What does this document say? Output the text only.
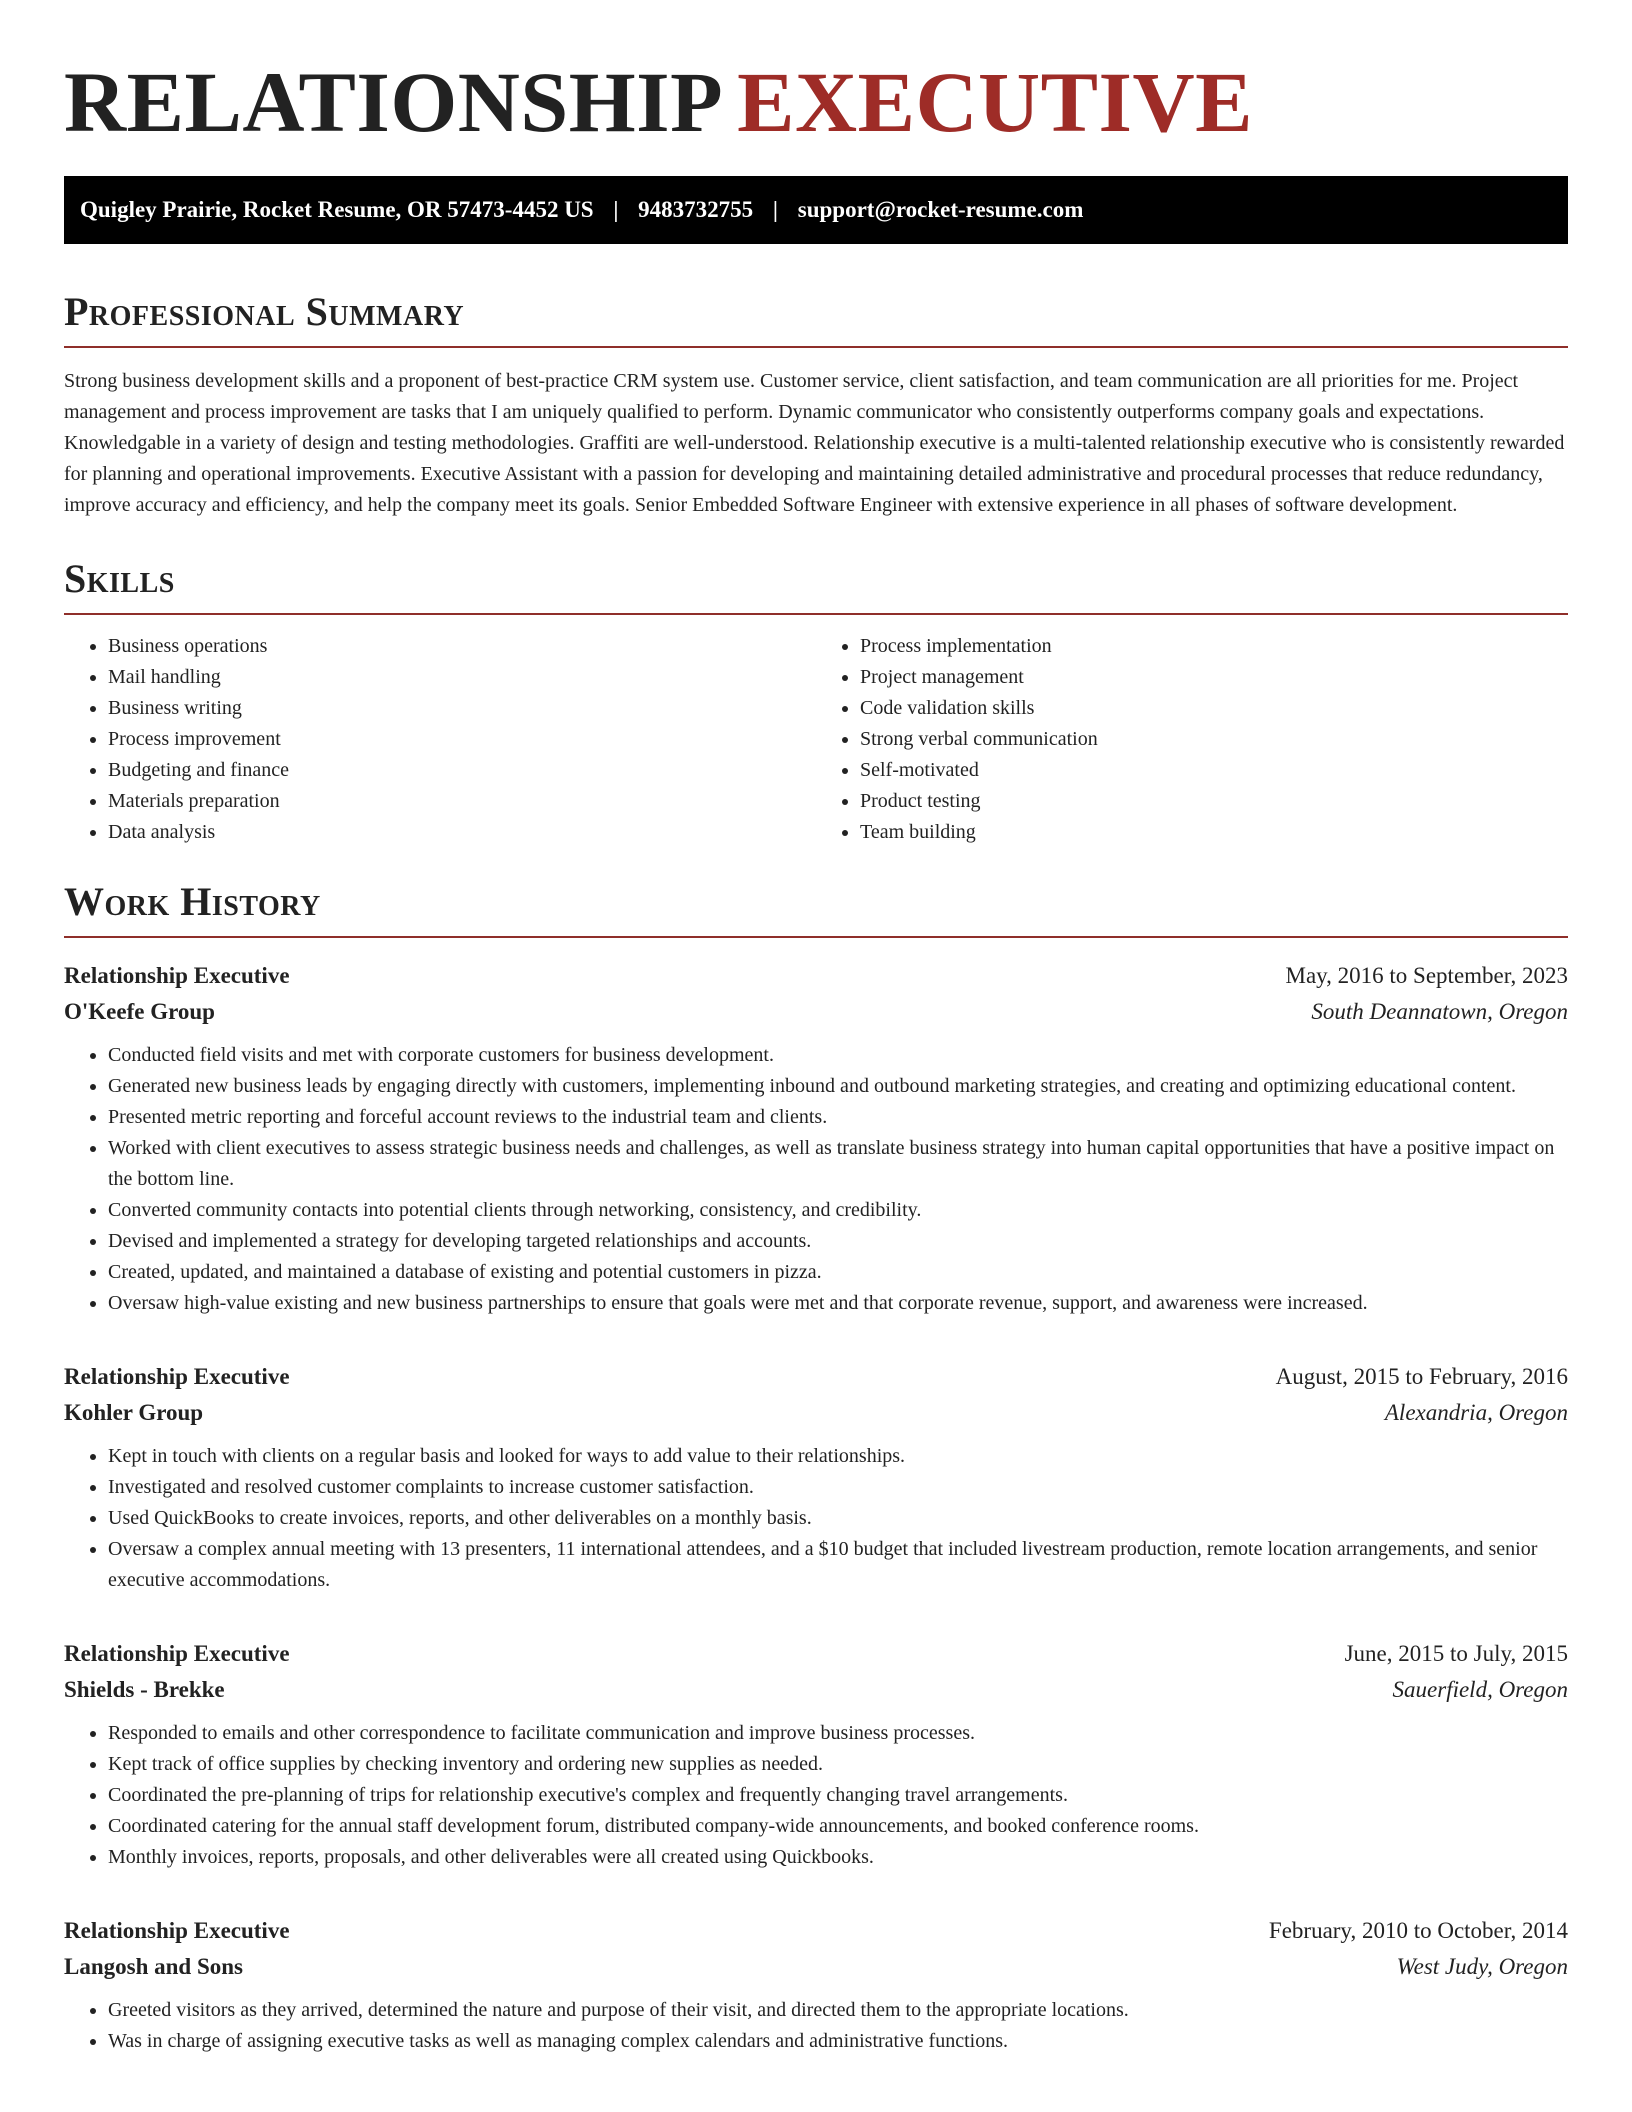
RELATIONSHIP EXECUTIVE
Quigley Prairie, Rocket Resume, OR 57473-4452 US | 9483732755 | support@rocket-resume.com
Professional Summary

Strong business development skills and a proponent of best-practice CRM system use. Customer service, client satisfaction, and team communication are all priorities for me. Project management and process improvement are tasks that I am uniquely qualified to perform. Dynamic communicator who consistently outperforms company goals and expectations. Knowledgable in a variety of design and testing methodologies. Graffiti are well-understood. Relationship executive is a multi-talented relationship executive who is consistently rewarded for planning and operational improvements. Executive Assistant with a passion for developing and maintaining detailed administrative and procedural processes that reduce redundancy, improve accuracy and efficiency, and help the company meet its goals. Senior Embedded Software Engineer with extensive experience in all phases of software development.

Skills
• Business operations
• Mail handling
• Business writing
• Process improvement
• Budgeting and finance
• Materials preparation
• Data analysis
• Process implementation
• Project management
• Code validation skills
• Strong verbal communication
• Self-motivated
• Product testing
• Team building
Work History
Relationship Executive	May, 2016 to September, 2023
O'Keefe Group	South Deannatown, Oregon
• Conducted field visits and met with corporate customers for business development.
• Generated new business leads by engaging directly with customers, implementing inbound and outbound marketing strategies, and creating and optimizing educational content.
• Presented metric reporting and forceful account reviews to the industrial team and clients.
• Worked with client executives to assess strategic business needs and challenges, as well as translate business strategy into human capital opportunities that have a positive impact on the bottom line.
• Converted community contacts into potential clients through networking, consistency, and credibility.
• Devised and implemented a strategy for developing targeted relationships and accounts.
• Created, updated, and maintained a database of existing and potential customers in pizza.
• Oversaw high-value existing and new business partnerships to ensure that goals were met and that corporate revenue, support, and awareness were increased.
Relationship Executive	August, 2015 to February, 2016
Kohler Group	Alexandria, Oregon
• Kept in touch with clients on a regular basis and looked for ways to add value to their relationships.
• Investigated and resolved customer complaints to increase customer satisfaction.
• Used QuickBooks to create invoices, reports, and other deliverables on a monthly basis.
• Oversaw a complex annual meeting with 13 presenters, 11 international attendees, and a $10 budget that included livestream production, remote location arrangements, and senior executive accommodations.
Relationship Executive	June, 2015 to July, 2015
Shields - Brekke	Sauerfield, Oregon
• Responded to emails and other correspondence to facilitate communication and improve business processes.
• Kept track of office supplies by checking inventory and ordering new supplies as needed.
• Coordinated the pre-planning of trips for relationship executive's complex and frequently changing travel arrangements.
• Coordinated catering for the annual staff development forum, distributed company-wide announcements, and booked conference rooms.
• Monthly invoices, reports, proposals, and other deliverables were all created using Quickbooks.
Relationship Executive	February, 2010 to October, 2014
Langosh and Sons	West Judy, Oregon
• Greeted visitors as they arrived, determined the nature and purpose of their visit, and directed them to the appropriate locations.
• Was in charge of assigning executive tasks as well as managing complex calendars and administrative functions.
